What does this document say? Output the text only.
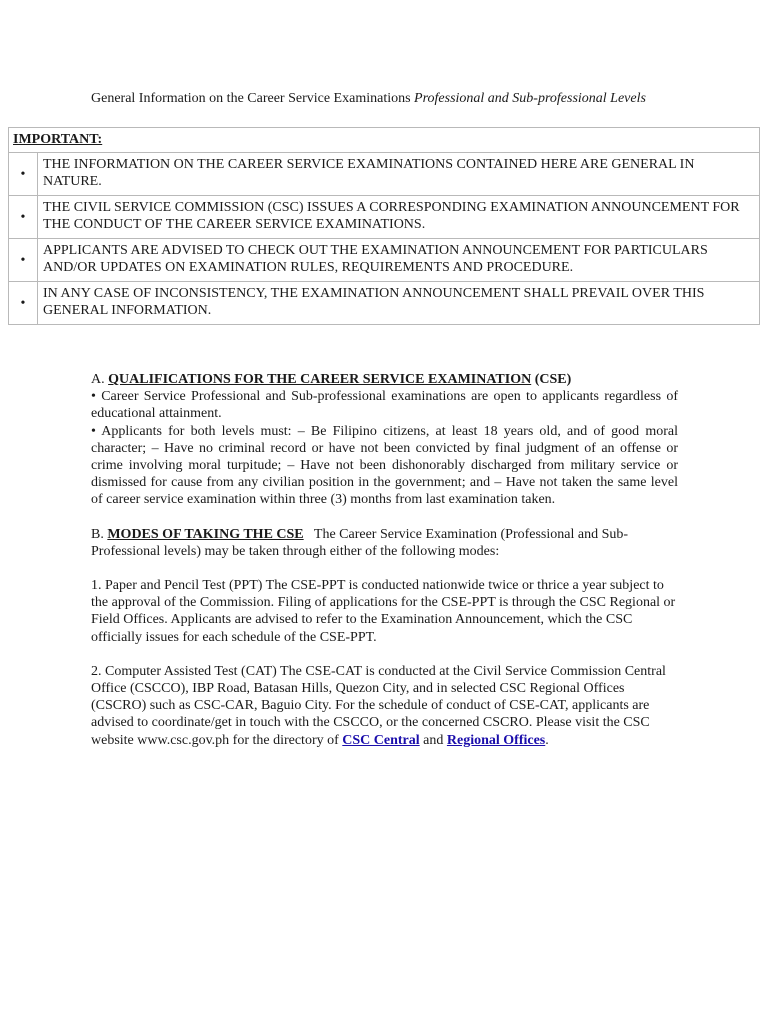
General Information on the Career Service Examinations Professional and Sub-professional Levels
IMPORTANT:	
•	THE INFORMATION ON THE CAREER SERVICE EXAMINATIONS CONTAINED HERE ARE GENERAL IN NATURE.
•	THE CIVIL SERVICE COMMISSION (CSC) ISSUES A CORRESPONDING EXAMINATION ANNOUNCEMENT FOR THE CONDUCT OF THE CAREER SERVICE EXAMINATIONS.
•	APPLICANTS ARE ADVISED TO CHECK OUT THE EXAMINATION ANNOUNCEMENT FOR PARTICULARS AND/OR UPDATES ON EXAMINATION RULES, REQUIREMENTS AND PROCEDURE.
•	IN ANY CASE OF INCONSISTENCY, THE EXAMINATION ANNOUNCEMENT SHALL PREVAIL OVER THIS GENERAL INFORMATION.

A. QUALIFICATIONS FOR THE CAREER SERVICE EXAMINATION (CSE)

• Career Service Professional and Sub-professional examinations are open to applicants regardless of educational attainment.

• Applicants for both levels must: – Be Filipino citizens, at least 18 years old, and of good moral character; – Have no criminal record or have not been convicted by final judgment of an offense or crime involving moral turpitude; – Have not been dishonorably discharged from military service or dismissed for cause from any civilian position in the government; and – Have not taken the same level of career service examination within three (3) months from last examination taken.

B. MODES OF TAKING THE CSE   The Career Service Examination (Professional and Sub-Professional levels) may be taken through either of the following modes:

1. Paper and Pencil Test (PPT) The CSE-PPT is conducted nationwide twice or thrice a year subject to the approval of the Commission. Filing of applications for the CSE-PPT is through the CSC Regional or Field Offices. Applicants are advised to refer to the Examination Announcement, which the CSC officially issues for each schedule of the CSE-PPT.

2. Computer Assisted Test (CAT) The CSE-CAT is conducted at the Civil Service Commission Central Office (CSCCO), IBP Road, Batasan Hills, Quezon City, and in selected CSC Regional Offices (CSCRO) such as CSC-CAR, Baguio City. For the schedule of conduct of CSE-CAT, applicants are advised to coordinate/get in touch with the CSCCO, or the concerned CSCRO. Please visit the CSC website www.csc.gov.ph for the directory of CSC Central and Regional Offices.
